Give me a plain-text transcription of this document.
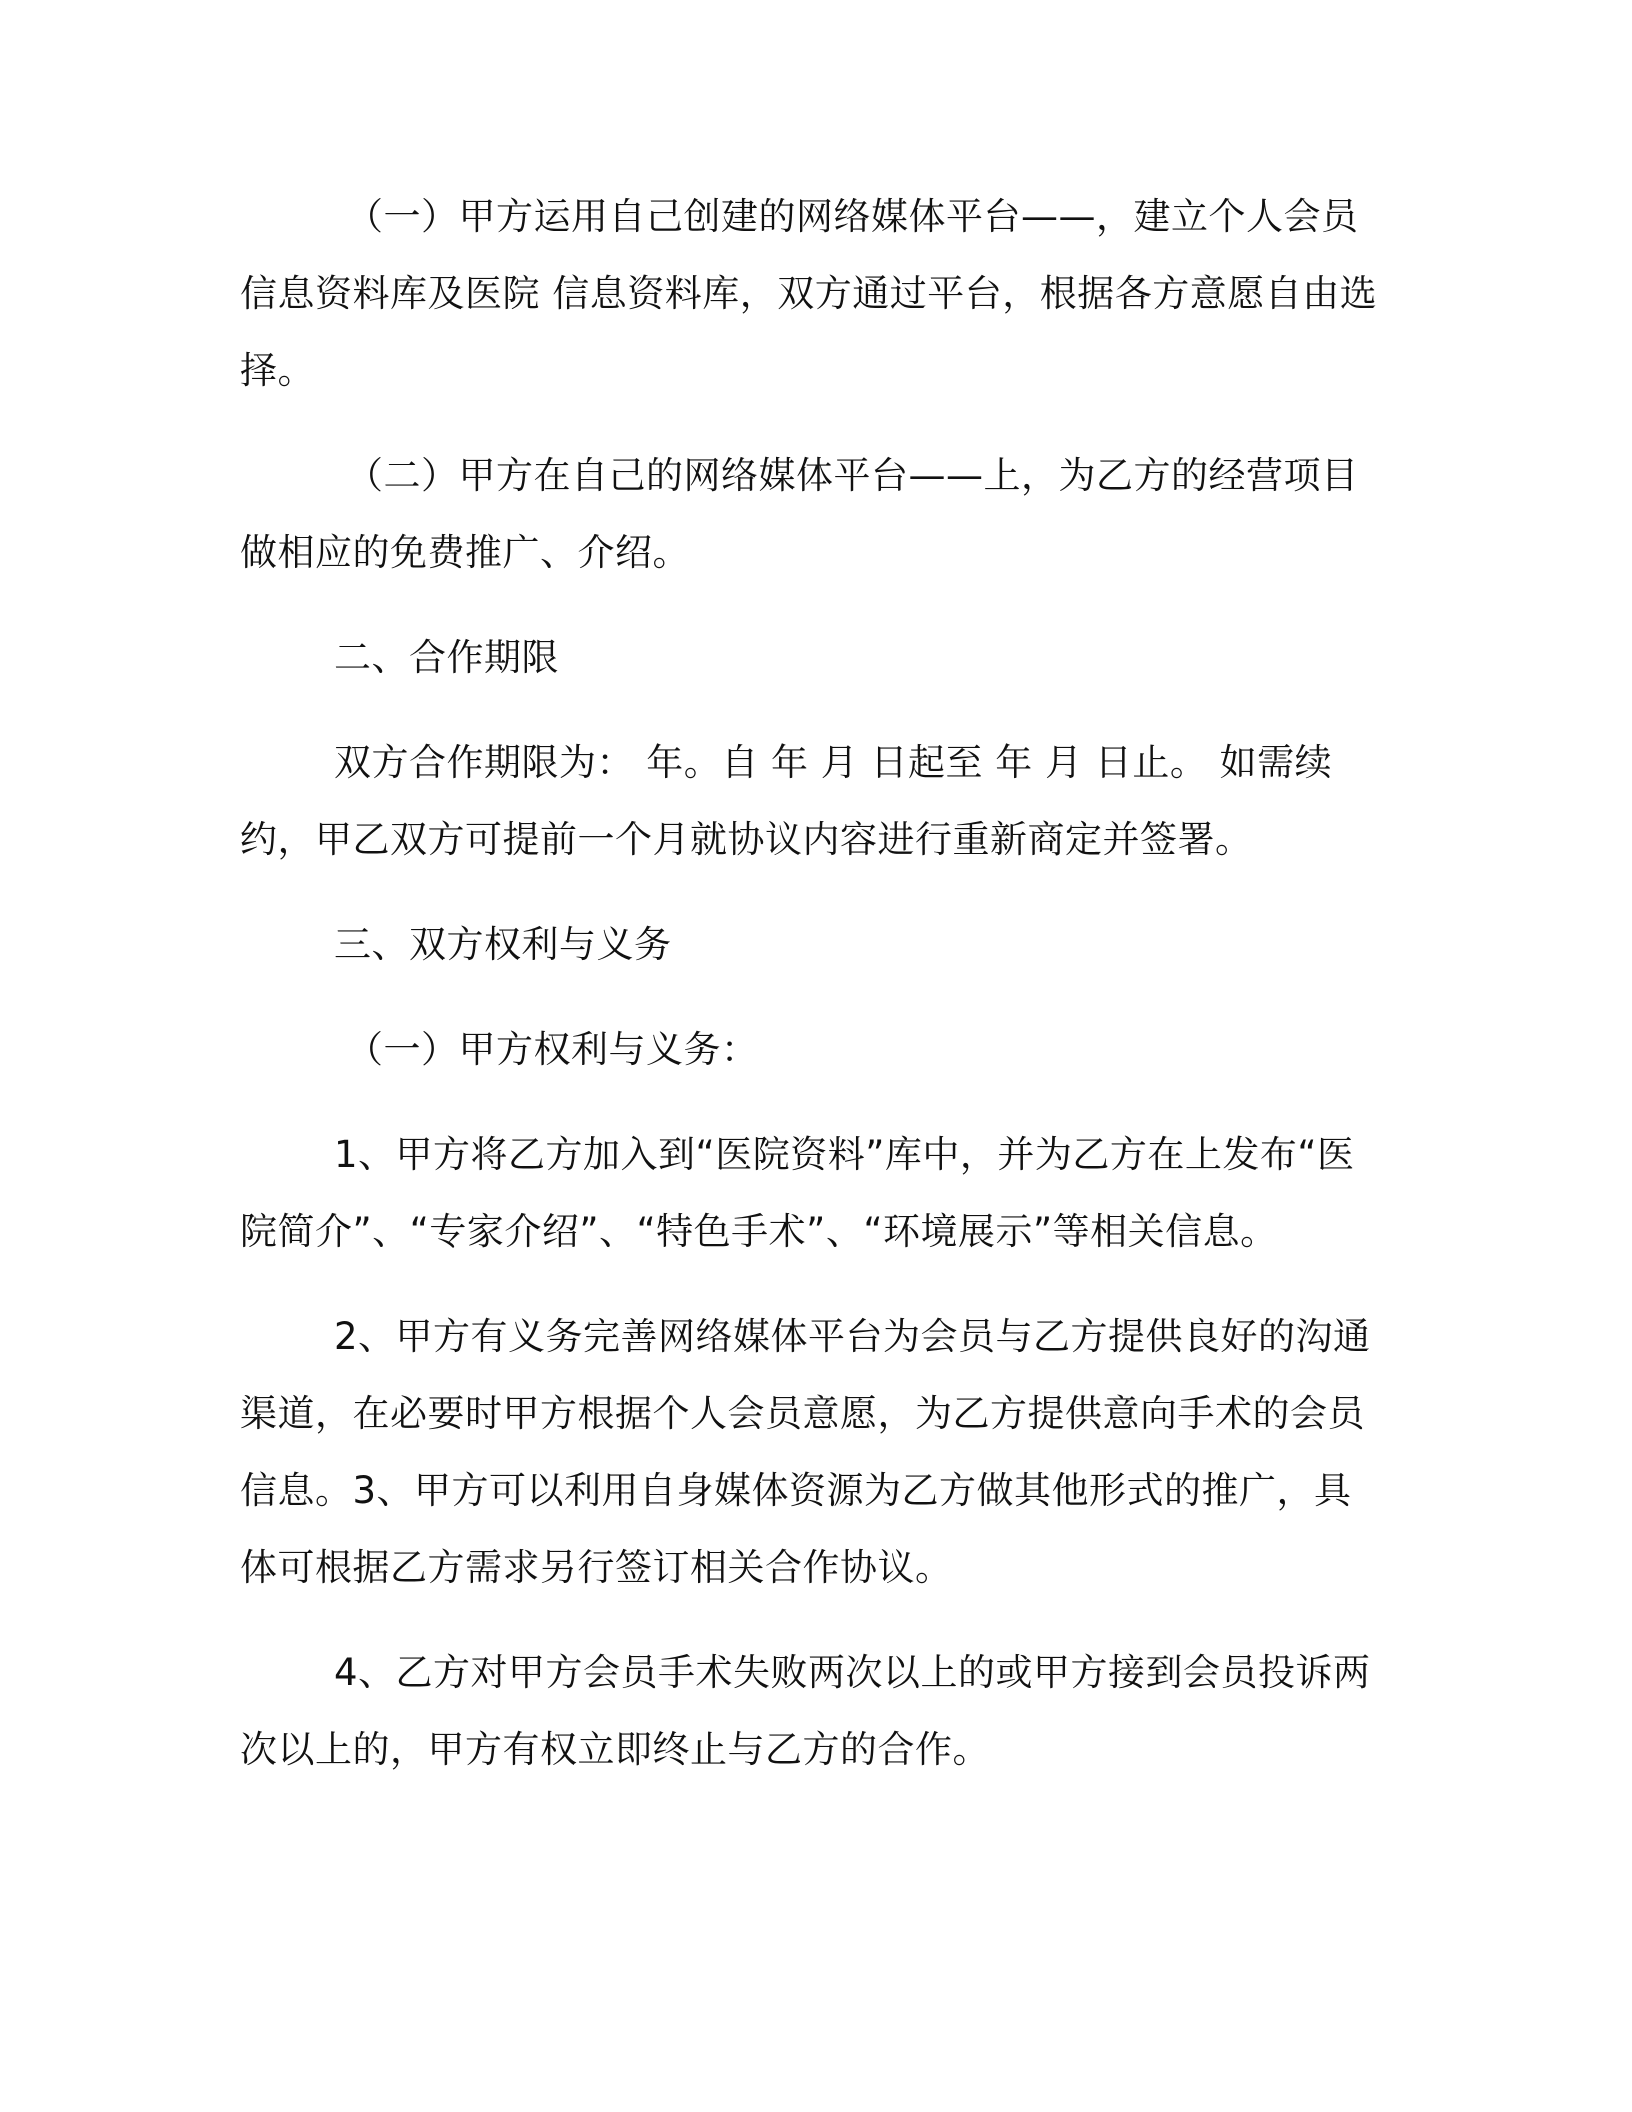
（一）甲方运用自己创建的网络媒体平台——，建立个人会员信息资料库及医院 信息资料库，双方通过平台，根据各方意愿自由选择。

（二）甲方在自己的网络媒体平台——上，为乙方的经营项目做相应的免费推广、介绍。

二、合作期限

双方合作期限为： 年。自 年 月 日起至 年 月 日止。 如需续约，甲乙双方可提前一个月就协议内容进行重新商定并签署。

三、双方权利与义务

（一）甲方权利与义务：

1、甲方将乙方加入到“医院资料”库中，并为乙方在上发布“医院简介”、“专家介绍”、“特色手术”、“环境展示”等相关信息。

2、甲方有义务完善网络媒体平台为会员与乙方提供良好的沟通渠道，在必要时甲方根据个人会员意愿，为乙方提供意向手术的会员信息。3、甲方可以利用自身媒体资源为乙方做其他形式的推广，具体可根据乙方需求另行签订相关合作协议。

4、乙方对甲方会员手术失败两次以上的或甲方接到会员投诉两次以上的，甲方有权立即终止与乙方的合作。
